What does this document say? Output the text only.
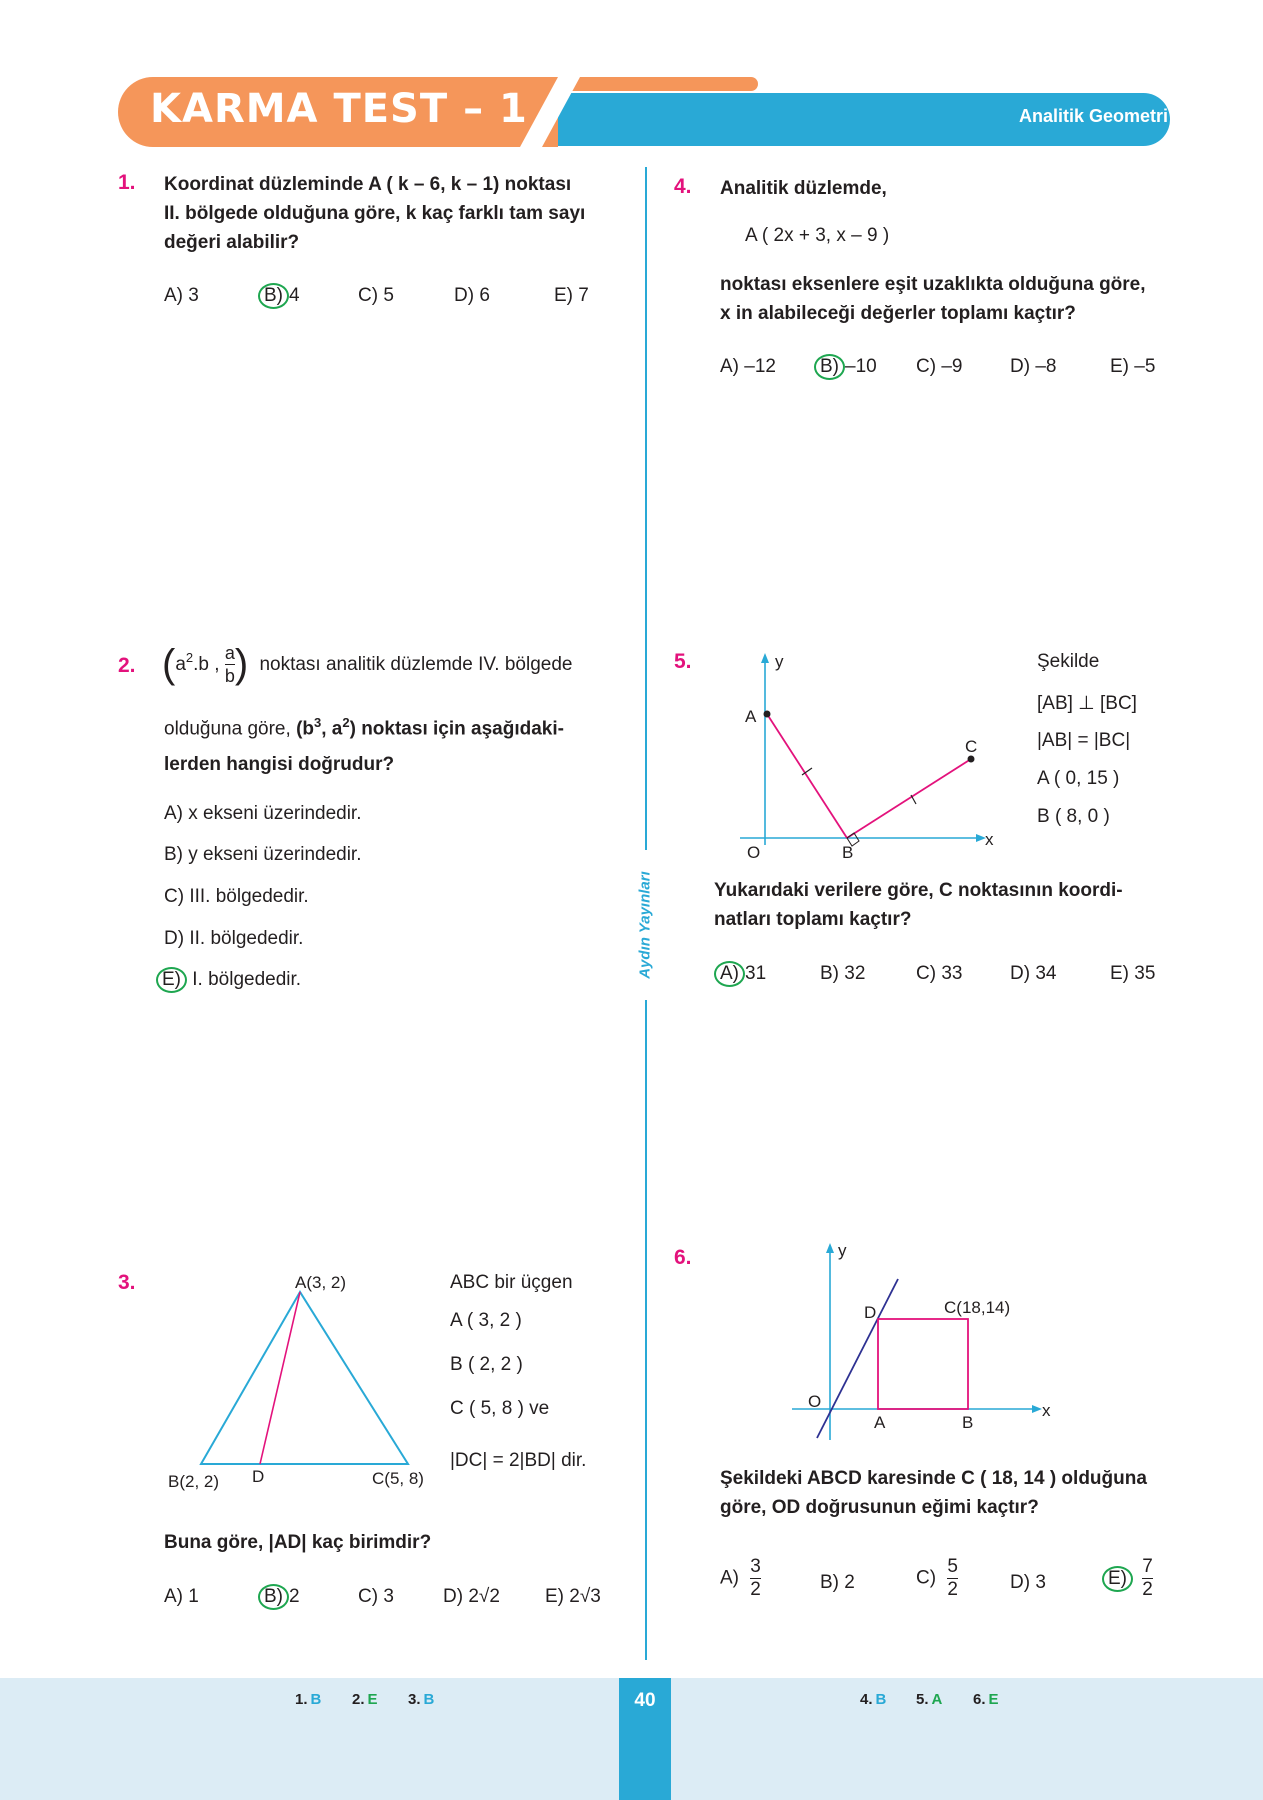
KARMA TEST – 1	Analitik Geometri
Aydın Yayınları
1. Koordinat düzleminde A ( k – 6, k – 1) noktası
II. bölgede olduğuna göre, k kaç farklı tam sayı
değeri alabilir?
A) 3	B) 4	C) 5	D) 6	E) 7
2. ($a^2.b$ , $\frac{a}{b}$ ) noktası analitik düzlemde IV. bölgede
olduğuna göre, ($b^3$, $a^2$) noktası için aşağıdaki-
lerden hangisi doğrudur?
A) x ekseni üzerindedir.
B) y ekseni üzerindedir.
C) III. bölgededir.
D) II. bölgededir.
E) I. bölgededir.
3.	A(3, 2)
B(2, 2)	C(5, 8)
D
ABC bir üçgen
A ( 3, 2 )
B ( 2, 2 )
C ( 5, 8 ) ve
|DC| = 2|BD| dir.
Buna göre, |AD| kaç birimdir?
A) 1	B) 2	C) 3	D) 2√2 E) 2√3
4. Analitik düzlemde,
A ( 2x + 3, x – 9 )
noktası eksenlere eşit uzaklıkta olduğuna göre,
x in alabileceği değerler toplamı kaçtır?
A) –12	B) –10 C) –9	D) –8	E) –5
5.	y
x
O
A
B
C
Şekilde
[AB] ⊥ [BC]
|AB| = |BC|
A ( 0, 15 )
B ( 8, 0 )
Yukarıdaki verilere göre, C noktasının koordi-
natları toplamı kaçtır?
A) 31	B) 32	C) 33	D) 34	E) 35
6.	y
x
O
A	B
C(18,14)
D
Şekildeki ABCD karesinde C ( 18, 14 ) olduğuna
göre, OD doğrusunun eğimi kaçtır?
$A) \frac{3}{2}$	B) 2	$C) \frac{5}{2}$	D) 3	$E) \frac{7}{2}$
40
1. B 2. E 3. B	4. B 5. A 6. E
